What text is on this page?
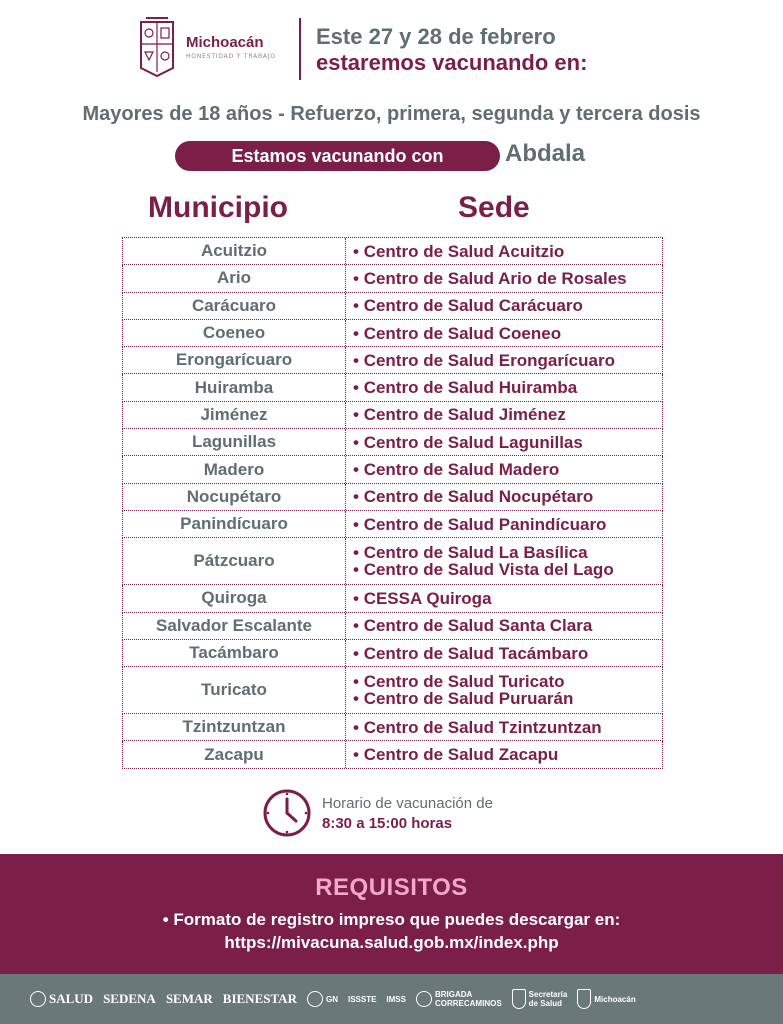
Michoacán
HONESTIDAD Y TRABAJO
Este 27 y 28 de febrero
estaremos vacunando en:
Mayores de 18 años - Refuerzo, primera, segunda y tercera dosis
Estamos vacunando con	Abdala
Municipio	Sede
Acuitzio	• Centro de Salud Acuitzio
Ario	• Centro de Salud Ario de Rosales
Carácuaro	• Centro de Salud Carácuaro
Coeneo	• Centro de Salud Coeneo
Erongarícuaro	• Centro de Salud Erongarícuaro
Huiramba	• Centro de Salud Huiramba
Jiménez	• Centro de Salud Jiménez
Lagunillas	• Centro de Salud Lagunillas
Madero	• Centro de Salud Madero
Nocupétaro	• Centro de Salud Nocupétaro
Panindícuaro	• Centro de Salud Panindícuaro
Pátzcuaro	• Centro de Salud La Basílica
• Centro de Salud Vista del Lago
Quiroga	• CESSA Quiroga
Salvador Escalante	• Centro de Salud Santa Clara
Tacámbaro	• Centro de Salud Tacámbaro
Turicato	• Centro de Salud Turicato
• Centro de Salud Puruarán
Tzintzuntzan	• Centro de Salud Tzintzuntzan
Zacapu	• Centro de Salud Zacapu
Horario de vacunación de
8:30 a 15:00 horas
REQUISITOS
• Formato de registro impreso que puedes descargar en:
https://mivacuna.salud.gob.mx/index.php
SALUD SEDENA SEMAR BIENESTAR	GN ISSSTE IMSS	BRIGADA
CORRECAMINOS
Secretaría
de Salud	Michoacán
